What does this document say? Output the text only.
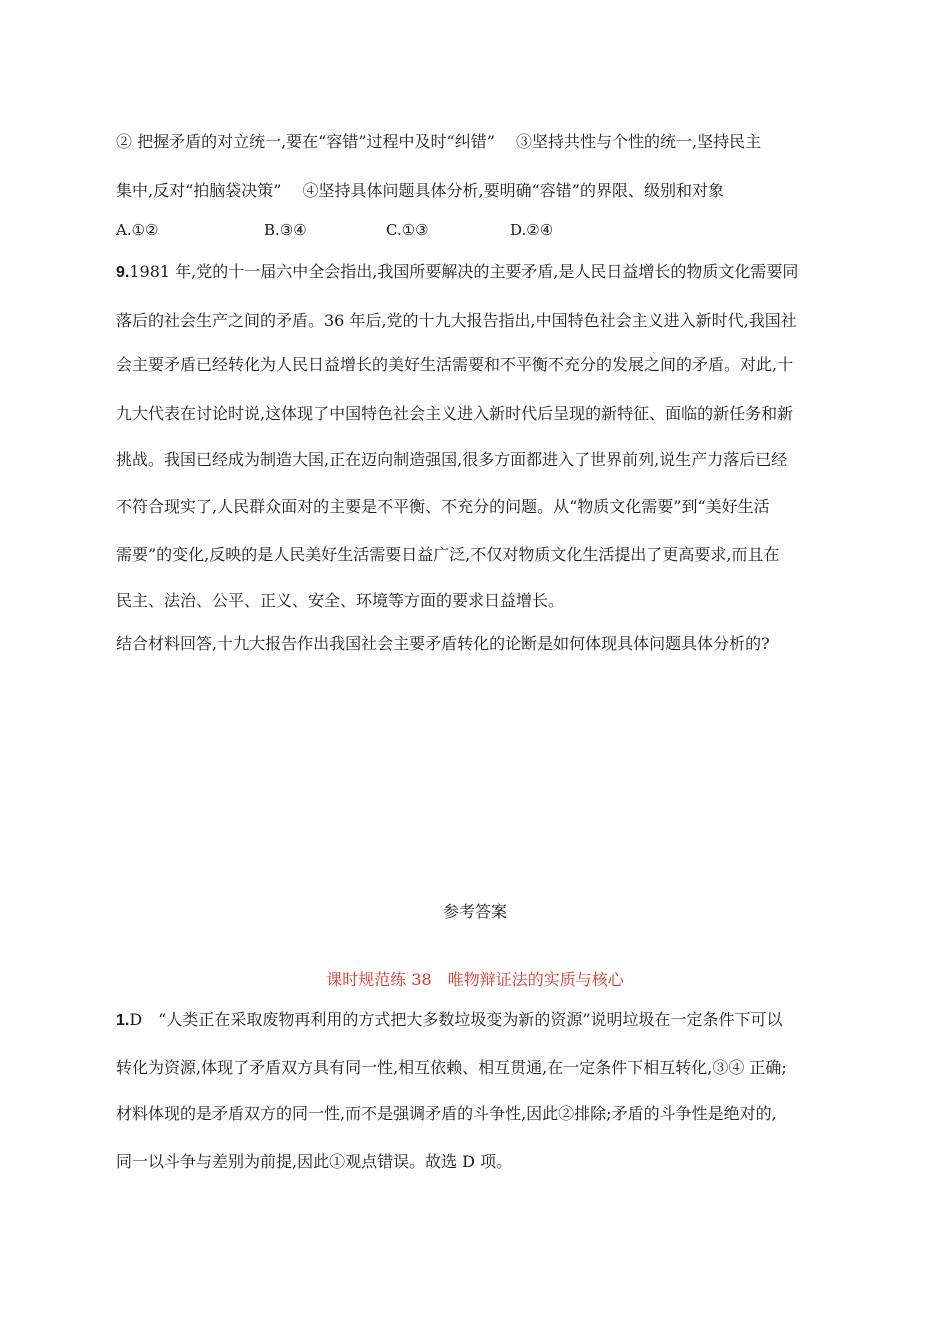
② 把握矛盾的对立统一,要在“容错”过程中及时“纠错”　 ③坚持共性与个性的统一,坚持民主
集中,反对“拍脑袋决策”　 ④坚持具体问题具体分析,要明确“容错”的界限、级别和对象
A.①②	B.③④	C.①③	D.②④
9.1981 年,党的十一届六中全会指出,我国所要解决的主要矛盾,是人民日益增长的物质文化需要同
落后的社会生产之间的矛盾。36 年后,党的十九大报告指出,中国特色社会主义进入新时代,我国社
会主要矛盾已经转化为人民日益增长的美好生活需要和不平衡不充分的发展之间的矛盾。对此,十
九大代表在讨论时说,这体现了中国特色社会主义进入新时代后呈现的新特征、面临的新任务和新
挑战。我国已经成为制造大国,正在迈向制造强国,很多方面都进入了世界前列,说生产力落后已经
不符合现实了,人民群众面对的主要是不平衡、不充分的问题。从“物质文化需要”到“美好生活
需要”的变化,反映的是人民美好生活需要日益广泛,不仅对物质文化生活提出了更高要求,而且在
民主、法治、公平、正义、安全、环境等方面的要求日益增长。
结合材料回答,十九大报告作出我国社会主要矛盾转化的论断是如何体现具体问题具体分析的?
参考答案
课时规范练 38　唯物辩证法的实质与核心
1.D　“人类正在采取废物再利用的方式把大多数垃圾变为新的资源”说明垃圾在一定条件下可以
转化为资源,体现了矛盾双方具有同一性,相互依赖、相互贯通,在一定条件下相互转化,③④ 正确;
材料体现的是矛盾双方的同一性,而不是强调矛盾的斗争性,因此②排除;矛盾的斗争性是绝对的,
同一以斗争与差别为前提,因此①观点错误。故选 D 项。
